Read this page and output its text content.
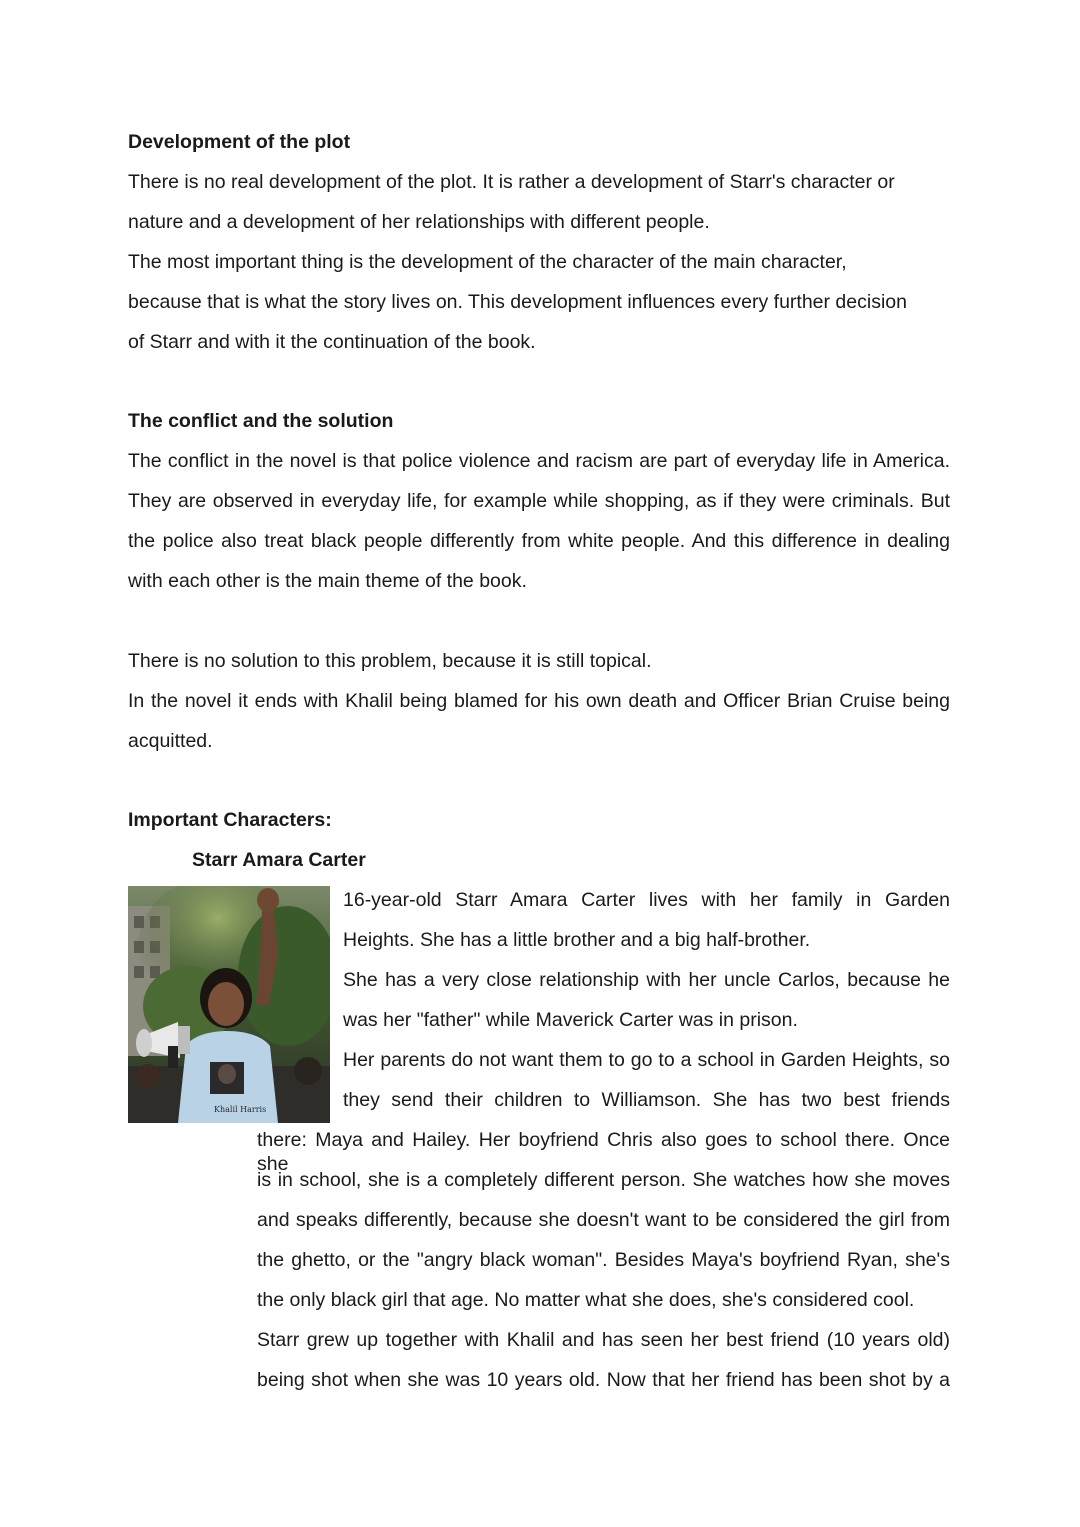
Development of the plot
There is no real development of the plot. It is rather a development of Starr's character or
nature and a development of her relationships with different people.
The most important thing is the development of the character of the main character,
because that is what the story lives on. This development influences every further decision
of Starr and with it the continuation of the book.
The conflict and the solution
The conflict in the novel is that police violence and racism are part of everyday life in America.
They are observed in everyday life, for example while shopping, as if they were criminals. But
the police also treat black people differently from white people. And this difference in dealing
with each other is the main theme of the book.
There is no solution to this problem, because it is still topical.
In the novel it ends with Khalil being blamed for his own death and Officer Brian Cruise being
acquitted.
Important Characters:
Starr Amara Carter
Khalil Harris
16-year-old Starr Amara Carter lives with her family in Garden
Heights. She has a little brother and a big half-brother.
She has a very close relationship with her uncle Carlos, because he
was her "father" while Maverick Carter was in prison.
Her parents do not want them to go to a school in Garden Heights, so
they send their children to Williamson. She has two best friends
there: Maya and Hailey. Her boyfriend Chris also goes to school there. Once she
is in school, she is a completely different person. She watches how she moves
and speaks differently, because she doesn't want to be considered the girl from
the ghetto, or the "angry black woman". Besides Maya's boyfriend Ryan, she's
the only black girl that age. No matter what she does, she's considered cool.
Starr grew up together with Khalil and has seen her best friend (10 years old)
being shot when she was 10 years old. Now that her friend has been shot by a
